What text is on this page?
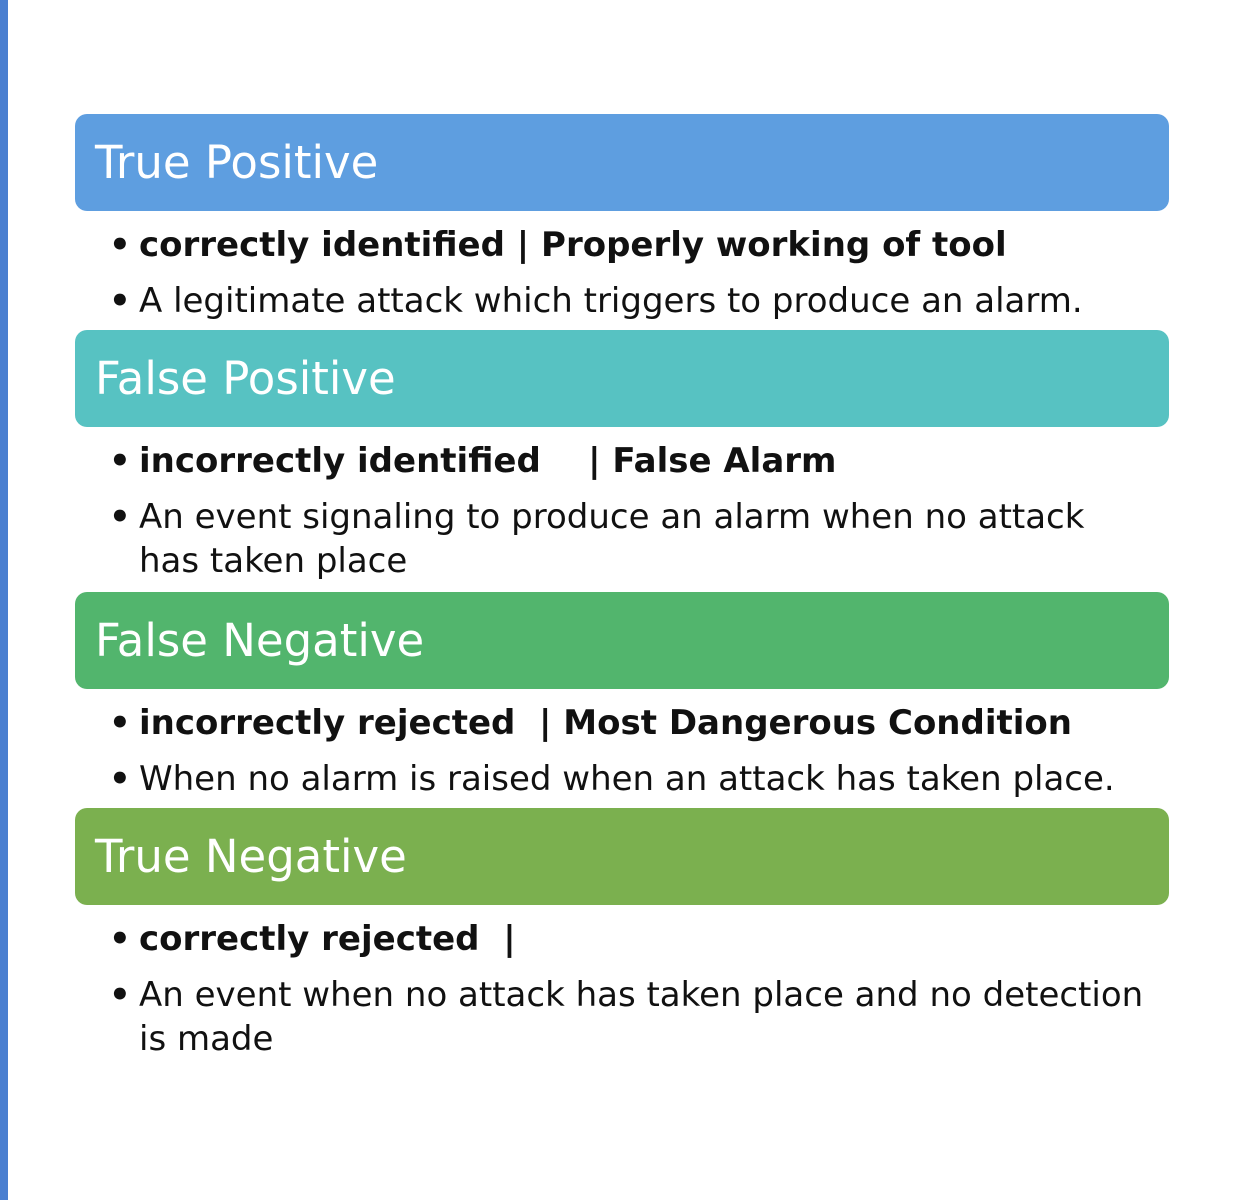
True Positive
• correctly identified | Properly working of tool
• A legitimate attack which triggers to produce an alarm.
False Positive
• incorrectly identified    | False Alarm
• An event signaling to produce an alarm when no attack has taken place
False Negative
• incorrectly rejected  | Most Dangerous Condition
• When no alarm is raised when an attack has taken place.
True Negative
• correctly rejected  |
• An event when no attack has taken place and no detection is made
